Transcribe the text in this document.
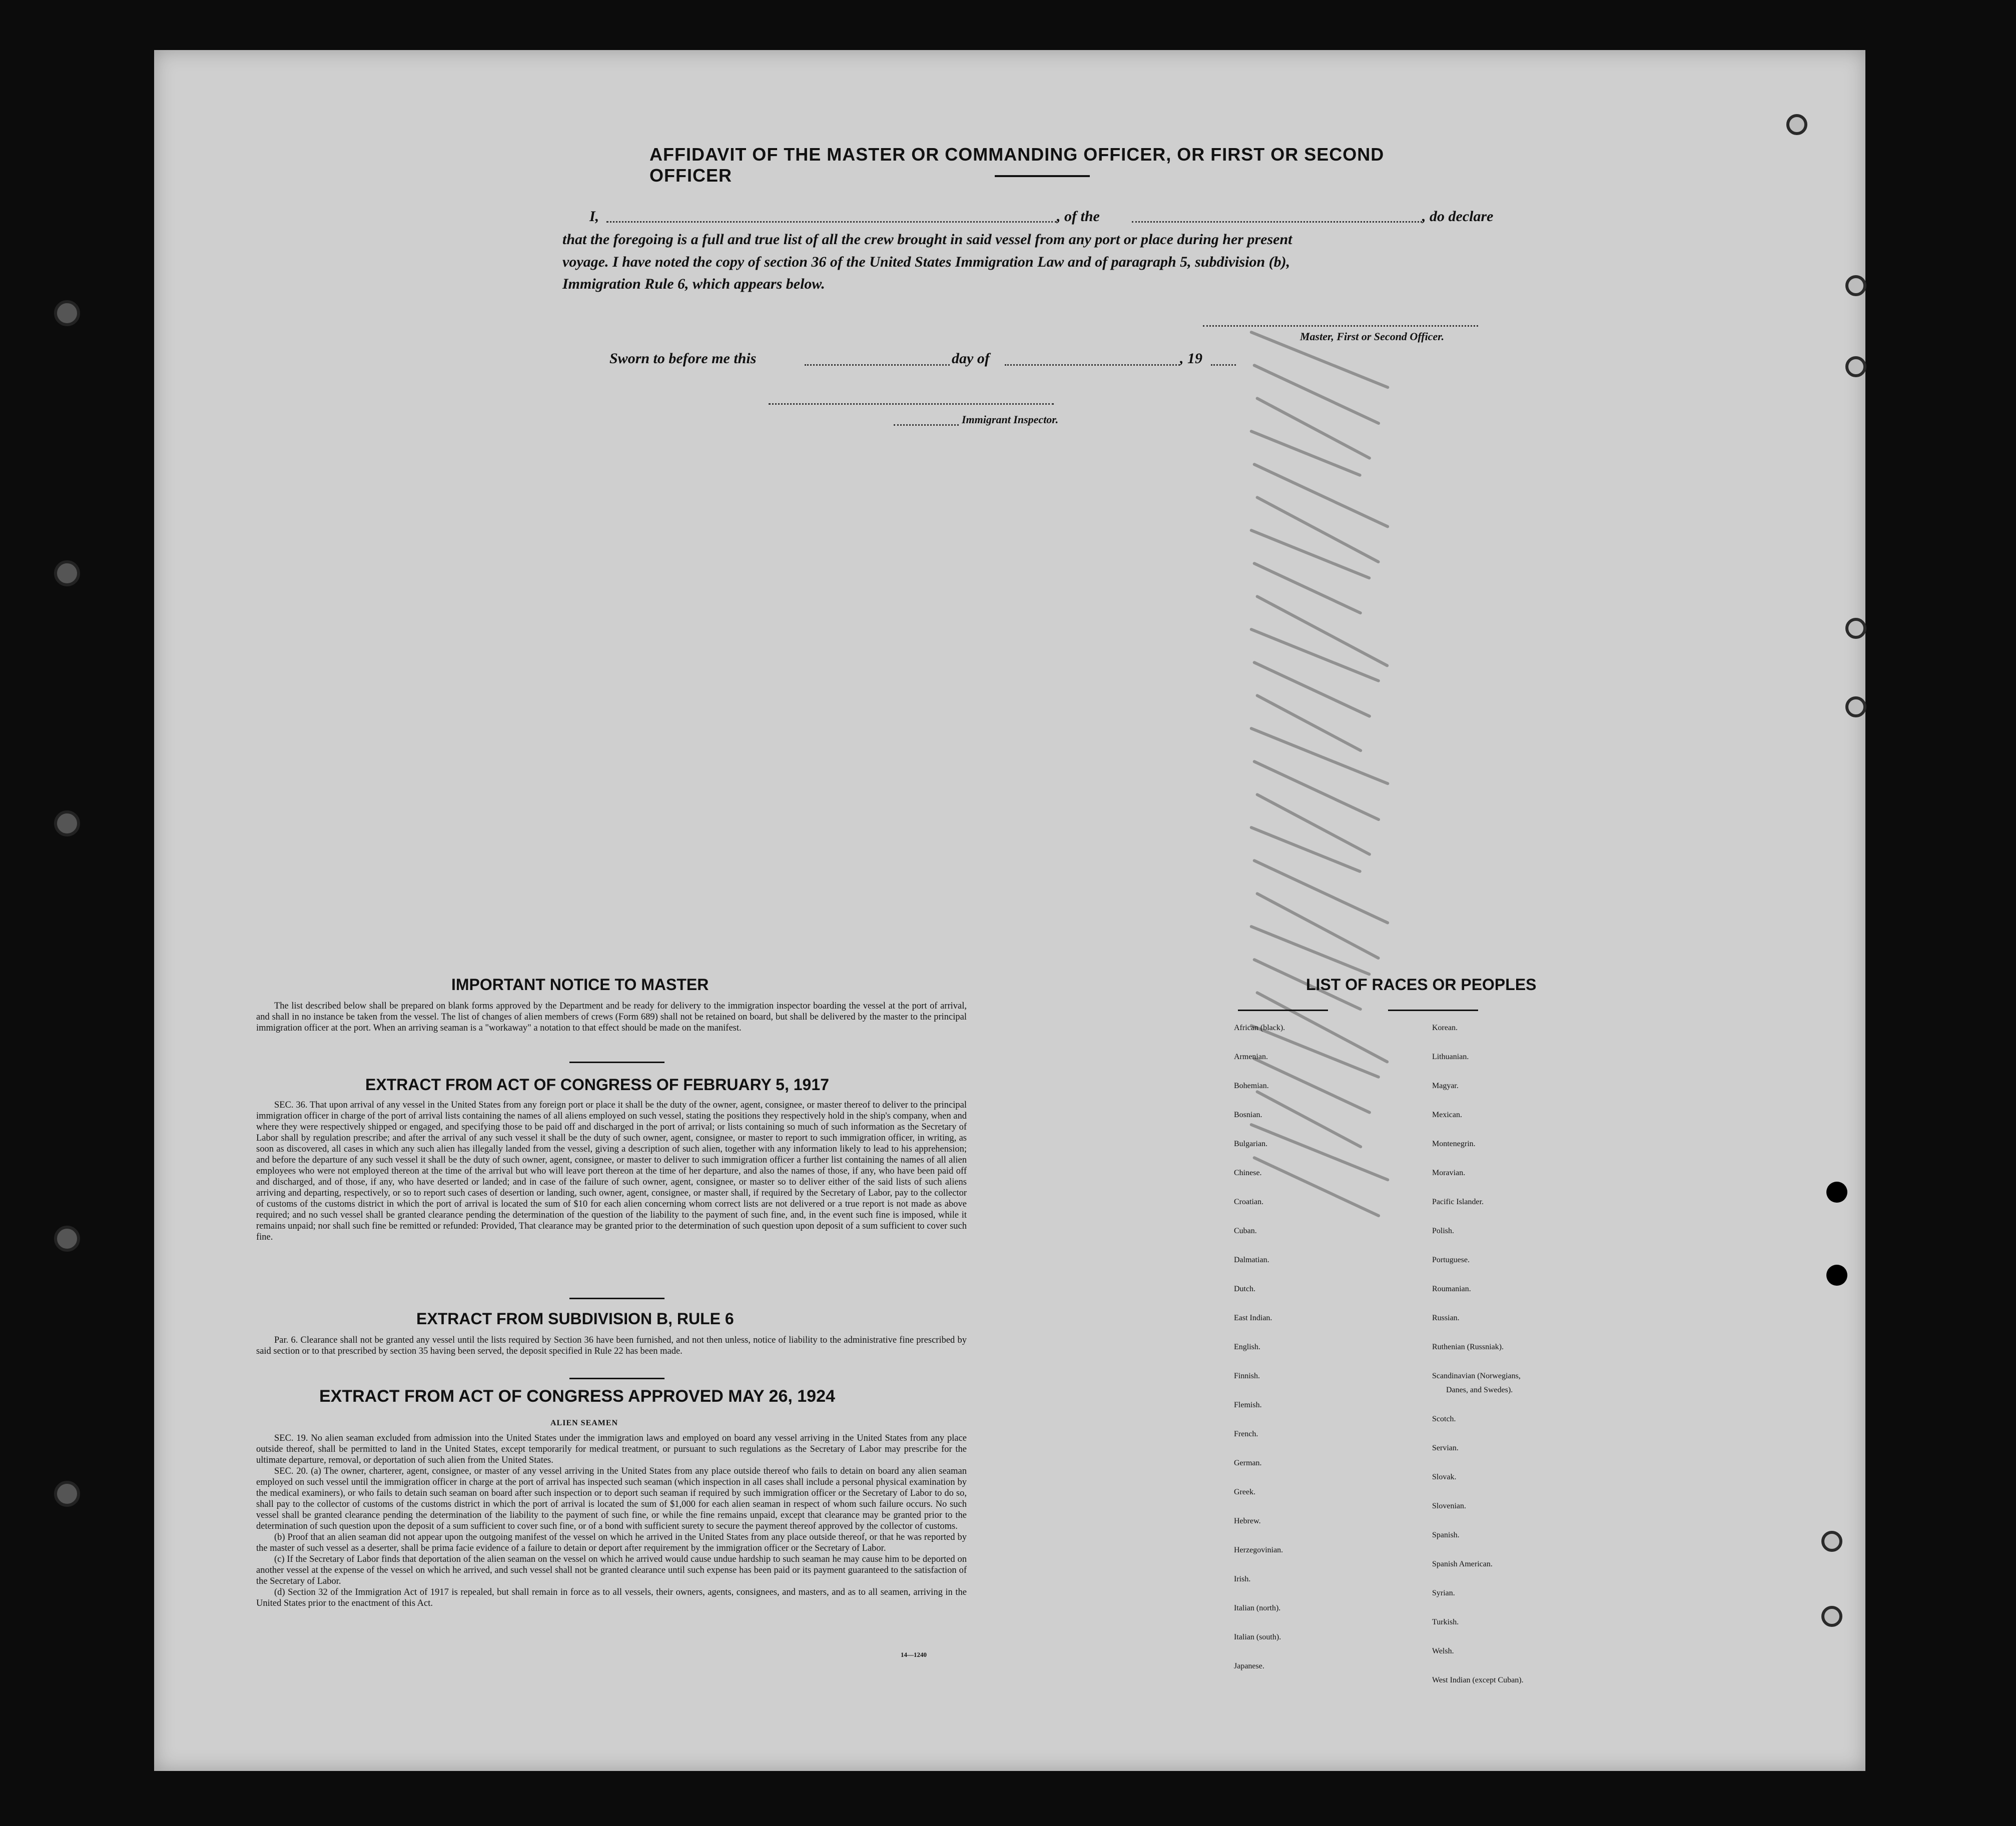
AFFIDAVIT OF THE MASTER OR COMMANDING OFFICER, OR FIRST OR SECOND OFFICER
I,	, of the	, do declare
that the foregoing is a full and true list of all the crew brought in said vessel from any port or place during her present
voyage. I have noted the copy of section 36 of the United States Immigration Law and of paragraph 5, subdivision (b),
Immigration Rule 6, which appears below.
Master, First or Second Officer.
Sworn to before me this	day of	, 19
Immigrant Inspector.
IMPORTANT NOTICE TO MASTER

The list described below shall be prepared on blank forms approved by the Department and be ready for delivery to the immigration inspector boarding the vessel at the port of arrival, and shall in no instance be taken from the vessel. The list of changes of alien members of crews (Form 689) shall not be retained on board, but shall be delivered by the master to the principal immigration officer at the port. When an arriving seaman is a "workaway" a notation to that effect should be made on the manifest.

EXTRACT FROM ACT OF CONGRESS OF FEBRUARY 5, 1917

SEC. 36. That upon arrival of any vessel in the United States from any foreign port or place it shall be the duty of the owner, agent, consignee, or master thereof to deliver to the principal immigration officer in charge of the port of arrival lists containing the names of all aliens employed on such vessel, stating the positions they respectively hold in the ship's company, when and where they were respectively shipped or engaged, and specifying those to be paid off and discharged in the port of arrival; or lists containing so much of such information as the Secretary of Labor shall by regulation prescribe; and after the arrival of any such vessel it shall be the duty of such owner, agent, consignee, or master to report to such immigration officer, in writing, as soon as discovered, all cases in which any such alien has illegally landed from the vessel, giving a description of such alien, together with any information likely to lead to his apprehension; and before the departure of any such vessel it shall be the duty of such owner, agent, consignee, or master to deliver to such immigration officer a further list containing the names of all alien employees who were not employed thereon at the time of the arrival but who will leave port thereon at the time of her departure, and also the names of those, if any, who have been paid off and discharged, and of those, if any, who have deserted or landed; and in case of the failure of such owner, agent, consignee, or master so to deliver either of the said lists of such aliens arriving and departing, respectively, or so to report such cases of desertion or landing, such owner, agent, consignee, or master shall, if required by the Secretary of Labor, pay to the collector of customs of the customs district in which the port of arrival is located the sum of $10 for each alien concerning whom correct lists are not delivered or a true report is not made as above required; and no such vessel shall be granted clearance pending the determination of the question of the liability to the payment of such fine, and, in the event such fine is imposed, while it remains unpaid; nor shall such fine be remitted or refunded: Provided, That clearance may be granted prior to the determination of such question upon deposit of a sum sufficient to cover such fine.

EXTRACT FROM SUBDIVISION B, RULE 6

Par. 6. Clearance shall not be granted any vessel until the lists required by Section 36 have been furnished, and not then unless, notice of liability to the administrative fine prescribed by said section or to that prescribed by section 35 having been served, the deposit specified in Rule 22 has been made.

EXTRACT FROM ACT OF CONGRESS APPROVED MAY 26, 1924
ALIEN SEAMEN

SEC. 19. No alien seaman excluded from admission into the United States under the immigration laws and employed on board any vessel arriving in the United States from any place outside thereof, shall be permitted to land in the United States, except temporarily for medical treatment, or pursuant to such regulations as the Secretary of Labor may prescribe for the ultimate departure, removal, or deportation of such alien from the United States.

SEC. 20. (a) The owner, charterer, agent, consignee, or master of any vessel arriving in the United States from any place outside thereof who fails to detain on board any alien seaman employed on such vessel until the immigration officer in charge at the port of arrival has inspected such seaman (which inspection in all cases shall include a personal physical examination by the medical examiners), or who fails to detain such seaman on board after such inspection or to deport such seaman if required by such immigration officer or the Secretary of Labor to do so, shall pay to the collector of customs of the customs district in which the port of arrival is located the sum of $1,000 for each alien seaman in respect of whom such failure occurs. No such vessel shall be granted clearance pending the determination of the liability to the payment of such fine, or while the fine remains unpaid, except that clearance may be granted prior to the determination of such question upon the deposit of a sum sufficient to cover such fine, or of a bond with sufficient surety to secure the payment thereof approved by the collector of customs.

(b) Proof that an alien seaman did not appear upon the outgoing manifest of the vessel on which he arrived in the United States from any place outside thereof, or that he was reported by the master of such vessel as a deserter, shall be prima facie evidence of a failure to detain or deport after requirement by the immigration officer or the Secretary of Labor.

(c) If the Secretary of Labor finds that deportation of the alien seaman on the vessel on which he arrived would cause undue hardship to such seaman he may cause him to be deported on another vessel at the expense of the vessel on which he arrived, and such vessel shall not be granted clearance until such expense has been paid or its payment guaranteed to the satisfaction of the Secretary of Labor.

(d) Section 32 of the Immigration Act of 1917 is repealed, but shall remain in force as to all vessels, their owners, agents, consignees, and masters, and as to all seamen, arriving in the United States prior to the enactment of this Act.

14—1240
LIST OF RACES OR PEOPLES
African (black).
Armenian.
Bohemian.
Bosnian.
Bulgarian.
Chinese.
Croatian.
Cuban.
Dalmatian.
Dutch.
East Indian.
English.
Finnish.
Flemish.
French.
German.
Greek.
Hebrew.
Herzegovinian.
Irish.
Italian (north).
Italian (south).
Japanese.
Korean.
Lithuanian.
Magyar.
Mexican.
Montenegrin.
Moravian.
Pacific Islander.
Polish.
Portuguese.
Roumanian.
Russian.
Ruthenian (Russniak).
Scandinavian (Norwegians,
Danes, and Swedes).
Scotch.
Servian.
Slovak.
Slovenian.
Spanish.
Spanish American.
Syrian.
Turkish.
Welsh.
West Indian (except Cuban).
